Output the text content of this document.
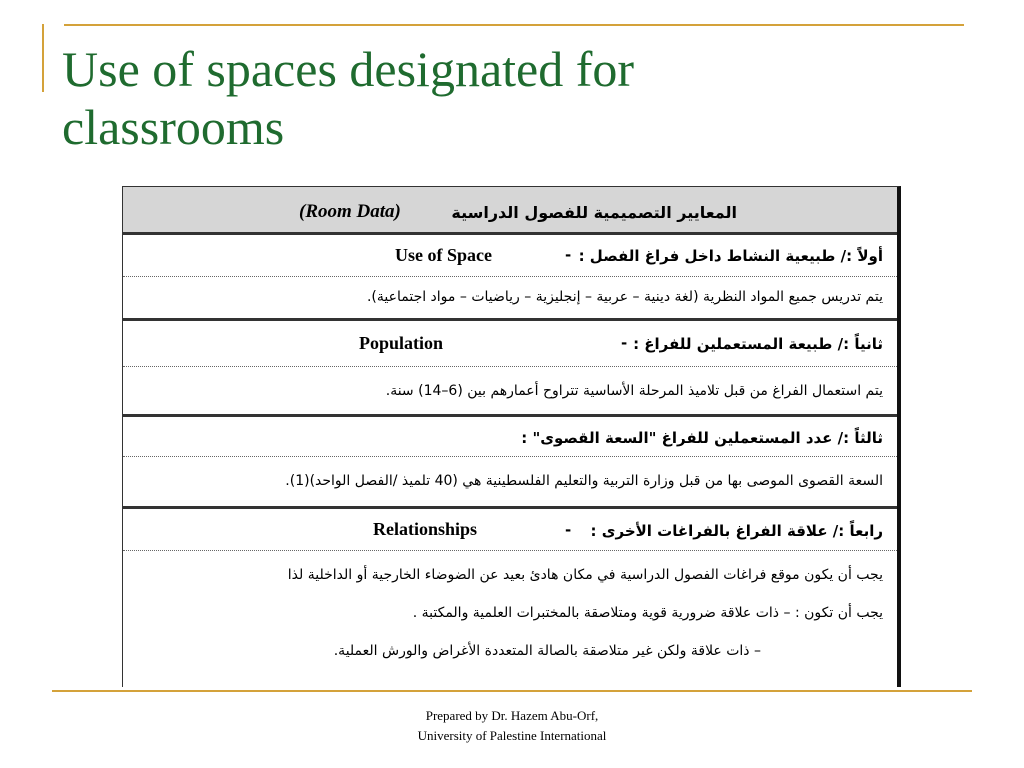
Use of spaces designated for classrooms
المعايير التصميمية للفصول الدراسية
(Room Data)
أولاً :/ طبيعية النشاط داخل فراغ الفصل :
-
Use of Space
يتم تدريس جميع المواد النظرية (لغة دينية – عربية – إنجليزية – رياضيات – مواد اجتماعية).
ثانياً :/ طبيعة المستعملين للفراغ :
-
Population
يتم استعمال الفراغ من قبل تلاميذ المرحلة الأساسية تتراوح أعمارهم بين (6–14) سنة.
ثالثاً :/ عدد المستعملين للفراغ "السعة القصوى" :
السعة القصوى الموصى بها من قبل وزارة التربية والتعليم الفلسطينية هي (40 تلميذ /الفصل الواحد)(1).
رابعاً :/ علاقة الفراغ بالفراغات الأخرى :
-
Relationships
يجب أن يكون موقع فراغات الفصول الدراسية في مكان هادئ بعيد عن الضوضاء الخارجية أو الداخلية لذا
يجب أن تكون : – ذات علاقة ضرورية قوية ومتلاصقة بالمختبرات العلمية والمكتبة .
– ذات علاقة ولكن غير متلاصقة بالصالة المتعددة الأغراض والورش العملية.
Prepared by Dr. Hazem Abu-Orf,
University of Palestine International
